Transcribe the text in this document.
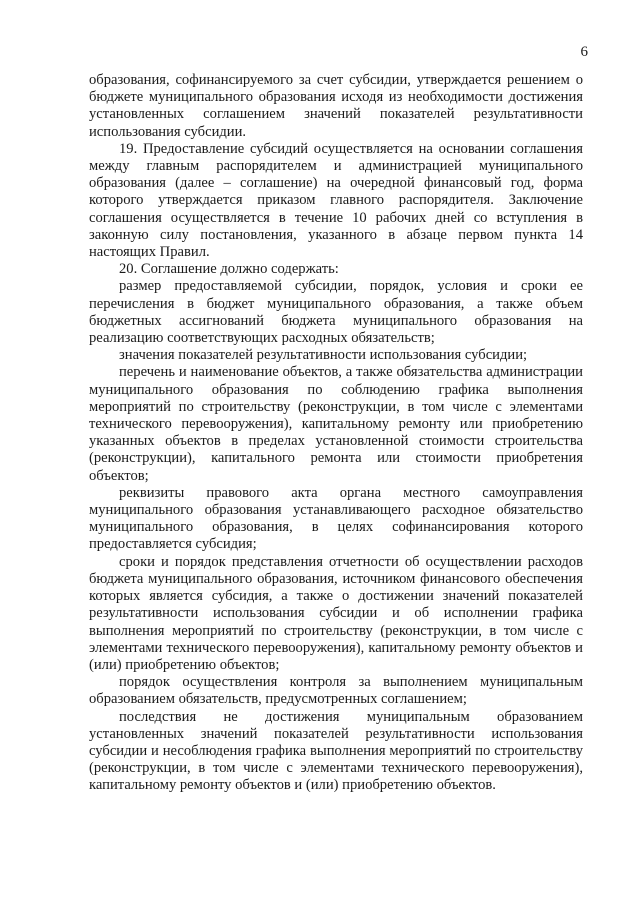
6

образования, софинансируемого за счет субсидии, утверждается решением о бюджете муниципального образования исходя из необходимости достижения установленных соглашением значений показателей результативности использования субсидии.

19. Предоставление субсидий осуществляется на основании соглашения между главным распорядителем и администрацией муниципального образования (далее – соглашение) на очередной финансовый год, форма которого утверждается приказом главного распорядителя. Заключение соглашения осуществляется в течение 10 рабочих дней со вступления в законную силу постановления, указанного в абзаце первом пункта 14 настоящих Правил.

20. Соглашение должно содержать:

размер предоставляемой субсидии, порядок, условия и сроки ее перечисления в бюджет муниципального образования, а также объем бюджетных ассигнований бюджета муниципального образования на реализацию соответствующих расходных обязательств;

значения показателей результативности использования субсидии;

перечень и наименование объектов, а также обязательства администрации муниципального образования по соблюдению графика выполнения мероприятий по строительству (реконструкции, в том числе с элементами технического перевооружения), капитальному ремонту или приобретению указанных объектов в пределах установленной стоимости строительства (реконструкции), капитального ремонта или стоимости приобретения объектов;

реквизиты правового акта органа местного самоуправления муниципального образования устанавливающего расходное обязательство муниципального образования, в целях софинансирования которого предоставляется субсидия;

сроки и порядок представления отчетности об осуществлении расходов бюджета муниципального образования, источником финансового обеспечения которых является субсидия, а также о достижении значений показателей результативности использования субсидии и об исполнении графика выполнения мероприятий по строительству (реконструкции, в том числе с элементами технического перевооружения), капитальному ремонту объектов и (или) приобретению объектов;

порядок осуществления контроля за выполнением муниципальным образованием обязательств, предусмотренных соглашением;

последствия не достижения муниципальным образованием установленных значений показателей результативности использования субсидии и несоблюдения графика выполнения мероприятий по строительству (реконструкции, в том числе с элементами технического перевооружения), капитальному ремонту объектов и (или) приобретению объектов.
